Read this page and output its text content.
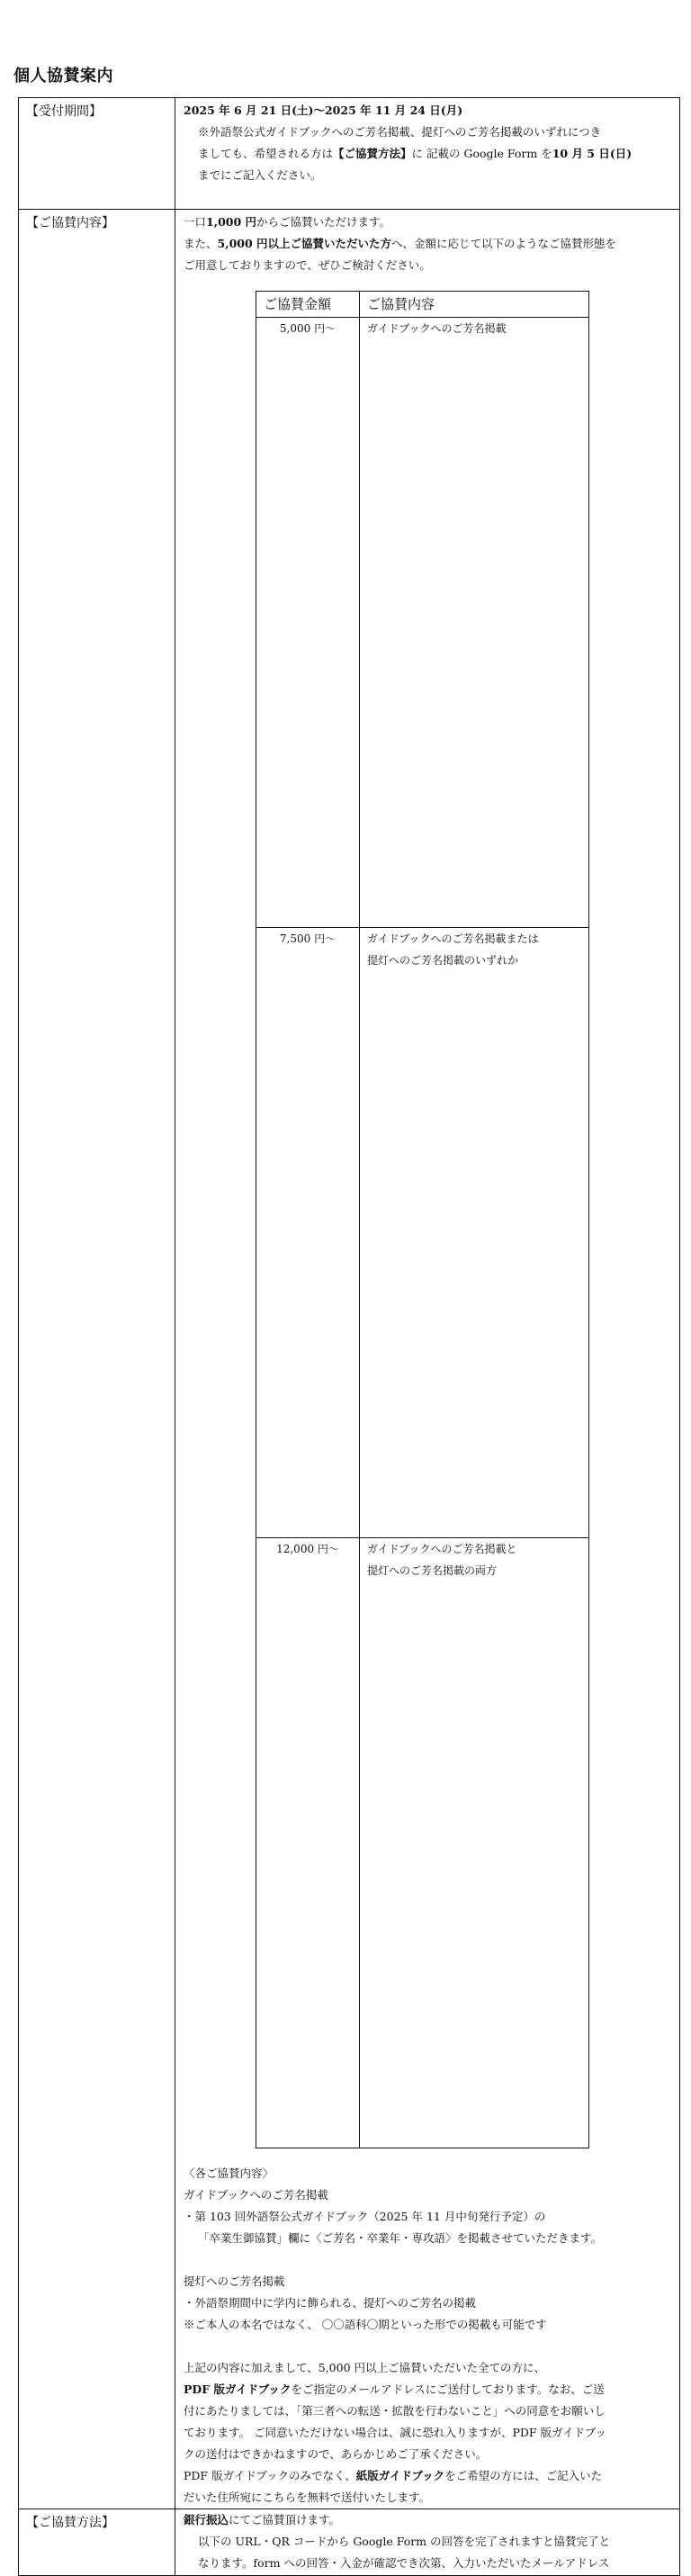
個人協賛案内
【受付期間】	2025 年 6 月 21 日(土)〜2025 年 11 月 24 日(月)
※外語祭公式ガイドブックへのご芳名掲載、提灯へのご芳名掲載のいずれにつき
ましても、希望される方は【ご協賛方法】に 記載の Google Form を10 月 5 日(日)
までにご記入ください。

【ご協賛内容】	一口1,000 円からご協賛いただけます。
また、5,000 円以上ご協賛いただいた方へ、金額に応じて以下のようなご協賛形態を
ご用意しておりますので、ぜひご検討ください。
ご協賛金額	ご協賛内容
5,000 円〜	ガイドブックへのご芳名掲載

7,500 円〜	ガイドブックへのご芳名掲載または
提灯へのご芳名掲載のいずれか

12,000 円〜	ガイドブックへのご芳名掲載と
提灯へのご芳名掲載の両方
〈各ご協賛内容〉
ガイドブックへのご芳名掲載
・第 103 回外語祭公式ガイドブック（2025 年 11 月中旬発行予定）の
「卒業生御協賛」欄に〈ご芳名・卒業年・専攻語〉を掲載させていただきます。
提灯へのご芳名掲載
・外語祭期間中に学内に飾られる、提灯へのご芳名の掲載
※ご本人の本名ではなく、 〇〇語科〇期といった形での掲載も可能です
上記の内容に加えまして、5,000 円以上ご協賛いただいた全ての方に、
PDF 版ガイドブックをご指定のメールアドレスにご送付しております。なお、ご送
付にあたりましては、「第三者への転送・拡散を行わないこと」への同意をお願いし
ております。 ご同意いただけない場合は、誠に恐れ入りますが、PDF 版ガイドブッ
クの送付はできかねますので、あらかじめご了承ください。
PDF 版ガイドブックのみでなく、紙版ガイドブックをご希望の方には、ご記入いた
だいた住所宛にこちらを無料で送付いたします。

【ご協賛方法】	銀行振込にてご協賛頂けます。
以下の URL・QR コードから Google Form の回答を完了されますと協賛完了と
なります。form への回答・入金が確認でき次第、入力いただいたメールアドレス
